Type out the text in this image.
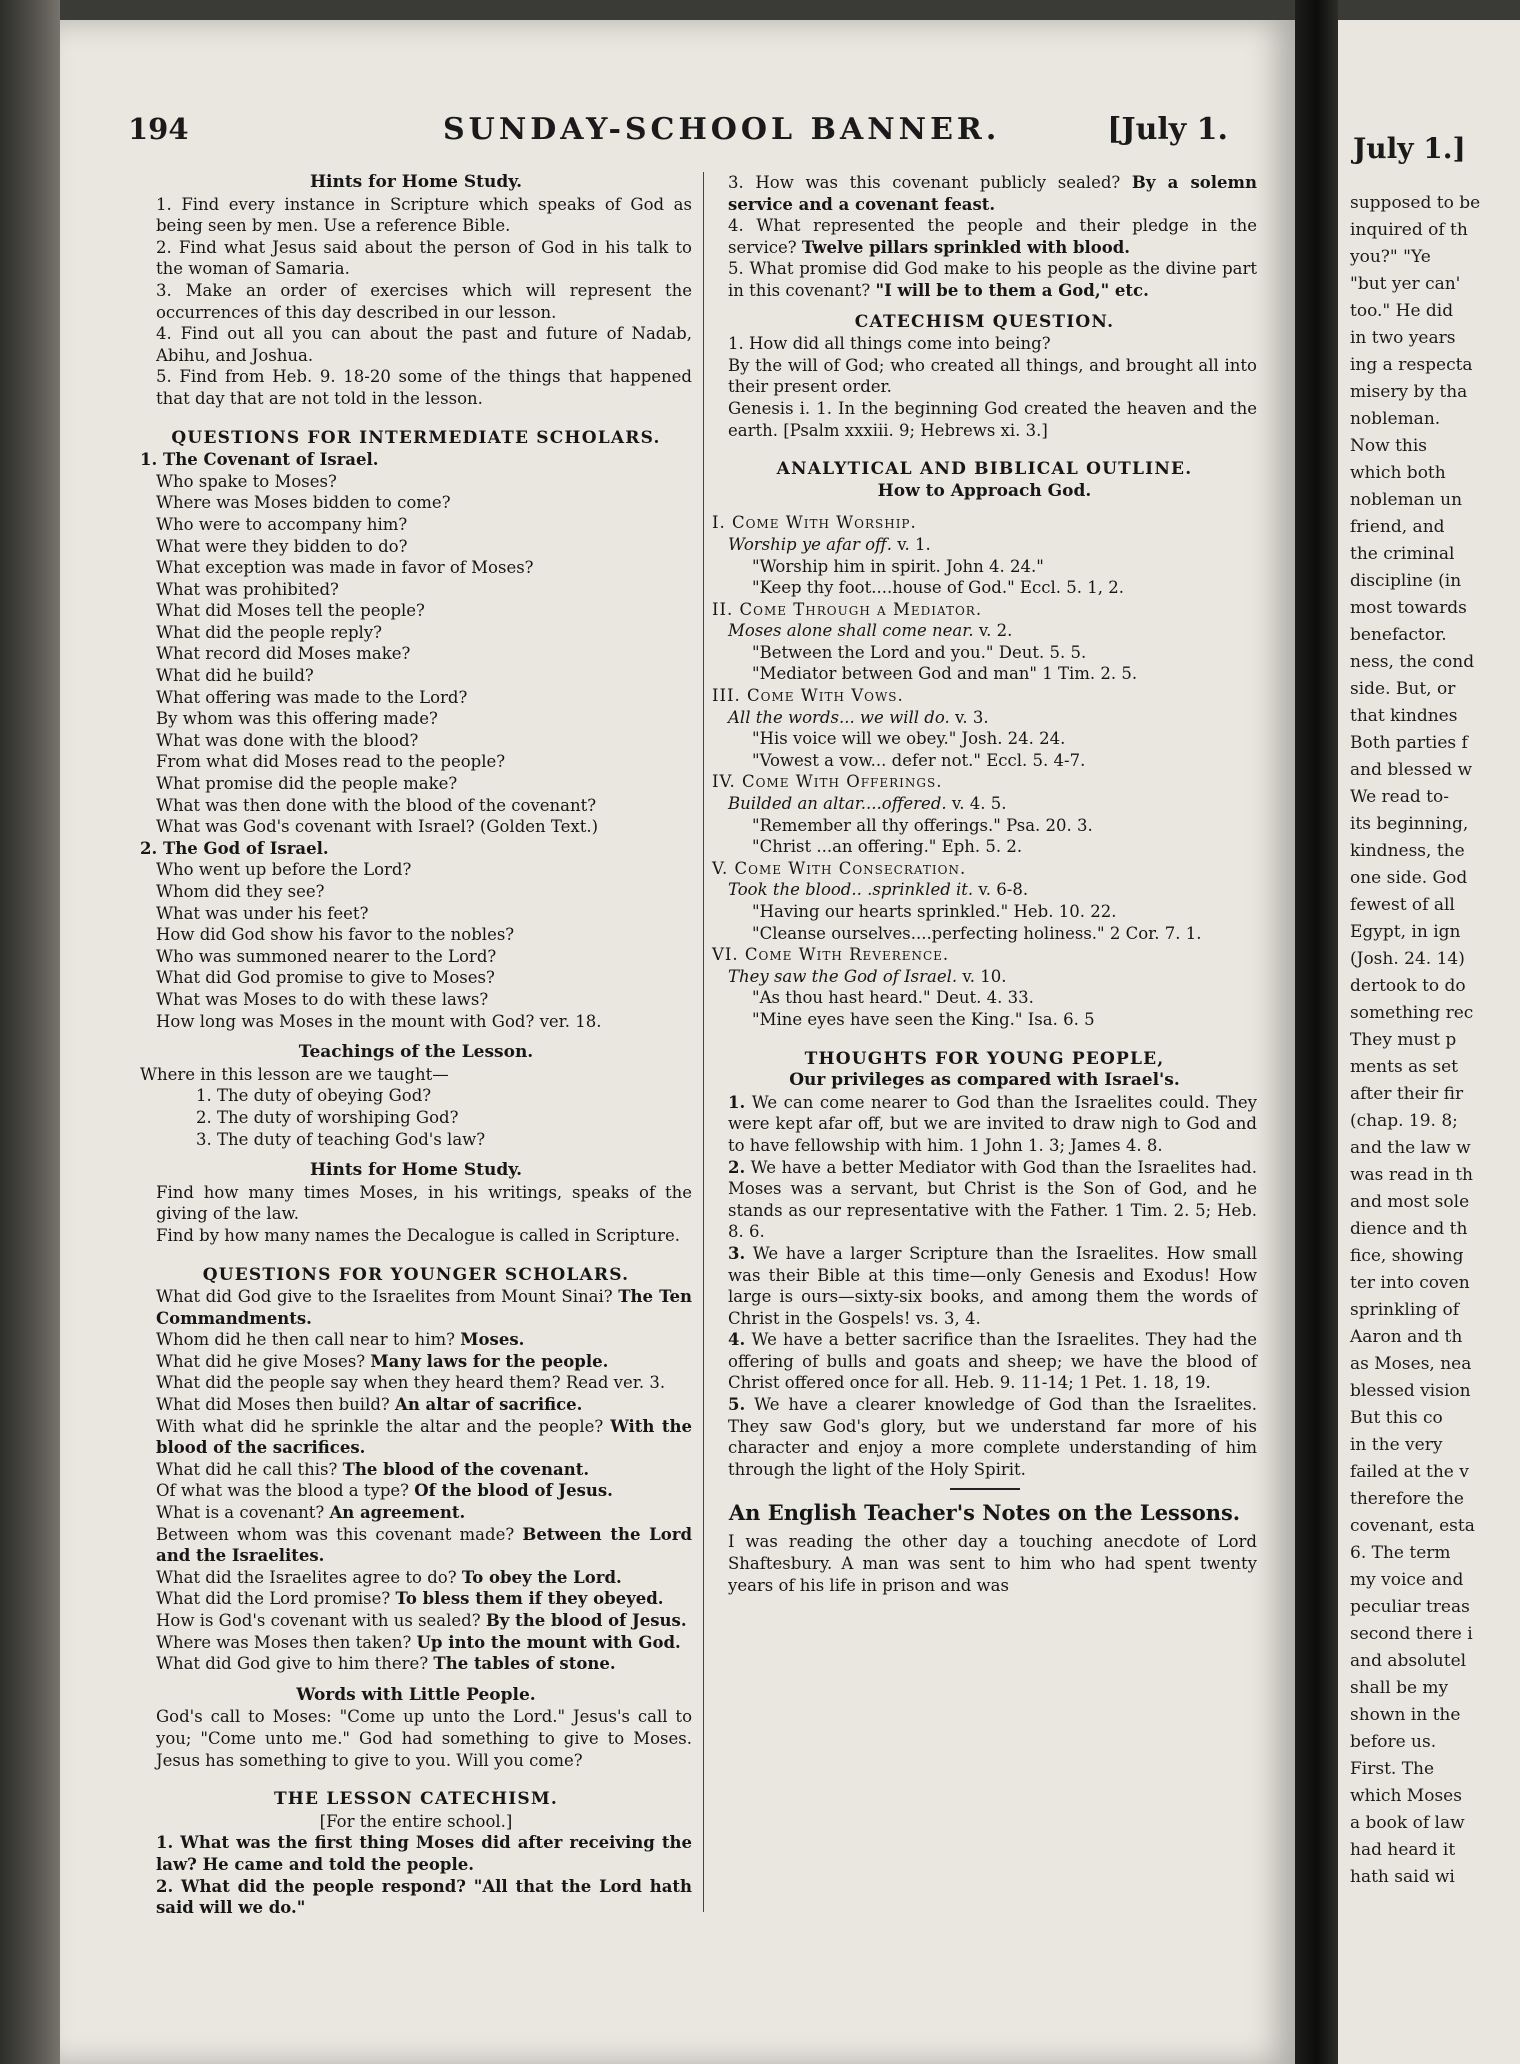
July 1.]
supposed to be
inquired of th
you?" "Ye
"but yer can'
too." He did
in two years
ing a respecta
misery by tha
nobleman.
Now this
which both
nobleman un
friend, and
the criminal
discipline (in
most towards
benefactor.
ness, the cond
side. But, or
that kindnes
Both parties f
and blessed w
We read to-
its beginning,
kindness, the
one side. God
fewest of all
Egypt, in ign
(Josh. 24. 14)
dertook to do
something rec
They must p
ments as set
after their fir
(chap. 19. 8;
and the law w
was read in th
and most sole
dience and th
fice, showing
ter into coven
sprinkling of
Aaron and th
as Moses, nea
blessed vision
But this co
in the very
failed at the v
therefore the
covenant, esta
6. The term
my voice and
peculiar treas
second there i
and absolutel
shall be my
shown in the
before us.
First. The
which Moses
a book of law
had heard it
hath said wi
194	SUNDAY-SCHOOL BANNER.	[July 1.

Hints for Home Study.

1. Find every instance in Scripture which speaks of God as being seen by men. Use a reference Bible.

2. Find what Jesus said about the person of God in his talk to the woman of Samaria.

3. Make an order of exercises which will represent the occurrences of this day described in our lesson.

4. Find out all you can about the past and future of Nadab, Abihu, and Joshua.

5. Find from Heb. 9. 18-20 some of the things that happened that day that are not told in the lesson.

QUESTIONS FOR INTERMEDIATE SCHOLARS.

1. The Covenant of Israel.

Who spake to Moses?

Where was Moses bidden to come?

Who were to accompany him?

What were they bidden to do?

What exception was made in favor of Moses?

What was prohibited?

What did Moses tell the people?

What did the people reply?

What record did Moses make?

What did he build?

What offering was made to the Lord?

By whom was this offering made?

What was done with the blood?

From what did Moses read to the people?

What promise did the people make?

What was then done with the blood of the covenant?

What was God's covenant with Israel? (Golden Text.)

2. The God of Israel.

Who went up before the Lord?

Whom did they see?

What was under his feet?

How did God show his favor to the nobles?

Who was summoned nearer to the Lord?

What did God promise to give to Moses?

What was Moses to do with these laws?

How long was Moses in the mount with God? ver. 18.

Teachings of the Lesson.

Where in this lesson are we taught—

1. The duty of obeying God?

2. The duty of worshiping God?

3. The duty of teaching God's law?

Hints for Home Study.

Find how many times Moses, in his writings, speaks of the giving of the law.

Find by how many names the Decalogue is called in Scripture.

QUESTIONS FOR YOUNGER SCHOLARS.

What did God give to the Israelites from Mount Sinai? The Ten Commandments.

Whom did he then call near to him? Moses.

What did he give Moses? Many laws for the people.

What did the people say when they heard them? Read ver. 3.

What did Moses then build? An altar of sacrifice.

With what did he sprinkle the altar and the people? With the blood of the sacrifices.

What did he call this? The blood of the covenant.

Of what was the blood a type? Of the blood of Jesus.

What is a covenant? An agreement.

Between whom was this covenant made? Between the Lord and the Israelites.

What did the Israelites agree to do? To obey the Lord.

What did the Lord promise? To bless them if they obeyed.

How is God's covenant with us sealed? By the blood of Jesus.

Where was Moses then taken? Up into the mount with God.

What did God give to him there? The tables of stone.

Words with Little People.

God's call to Moses: "Come up unto the Lord." Jesus's call to you; "Come unto me." God had something to give to Moses. Jesus has something to give to you. Will you come?

THE LESSON CATECHISM.

[For the entire school.]

1. What was the first thing Moses did after receiving the law? He came and told the people.

2. What did the people respond? "All that the Lord hath said will we do."

3. How was this covenant publicly sealed? By a solemn service and a covenant feast.

4. What represented the people and their pledge in the service? Twelve pillars sprinkled with blood.

5. What promise did God make to his people as the divine part in this covenant? "I will be to them a God," etc.

CATECHISM QUESTION.

1. How did all things come into being?

By the will of God; who created all things, and brought all into their present order.

Genesis i. 1. In the beginning God created the heaven and the earth. [Psalm xxxiii. 9; Hebrews xi. 3.]

ANALYTICAL AND BIBLICAL OUTLINE.

How to Approach God.

I. Come With Worship.

Worship ye afar off. v. 1.

"Worship him in spirit. John 4. 24."

"Keep thy foot....house of God." Eccl. 5. 1, 2.

II. Come Through a Mediator.

Moses alone shall come near. v. 2.

"Between the Lord and you." Deut. 5. 5.

"Mediator between God and man" 1 Tim. 2. 5.

III. Come With Vows.

All the words... we will do. v. 3.

"His voice will we obey." Josh. 24. 24.

"Vowest a vow... defer not." Eccl. 5. 4-7.

IV. Come With Offerings.

Builded an altar....offered. v. 4. 5.

"Remember all thy offerings." Psa. 20. 3.

"Christ ...an offering." Eph. 5. 2.

V. Come With Consecration.

Took the blood.. .sprinkled it. v. 6-8.

"Having our hearts sprinkled." Heb. 10. 22.

"Cleanse ourselves....perfecting holiness." 2 Cor. 7. 1.

VI. Come With Reverence.

They saw the God of Israel. v. 10.

"As thou hast heard." Deut. 4. 33.

"Mine eyes have seen the King." Isa. 6. 5

THOUGHTS FOR YOUNG PEOPLE,

Our privileges as compared with Israel's.

1. We can come nearer to God than the Israelites could. They were kept afar off, but we are invited to draw nigh to God and to have fellowship with him. 1 John 1. 3; James 4. 8.

2. We have a better Mediator with God than the Israelites had. Moses was a servant, but Christ is the Son of God, and he stands as our representative with the Father. 1 Tim. 2. 5; Heb. 8. 6.

3. We have a larger Scripture than the Israelites. How small was their Bible at this time—only Genesis and Exodus! How large is ours—sixty-six books, and among them the words of Christ in the Gospels! vs. 3, 4.

4. We have a better sacrifice than the Israelites. They had the offering of bulls and goats and sheep; we have the blood of Christ offered once for all. Heb. 9. 11-14; 1 Pet. 1. 18, 19.

5. We have a clearer knowledge of God than the Israelites. They saw God's glory, but we understand far more of his character and enjoy a more complete understanding of him through the light of the Holy Spirit.

An English Teacher's Notes on the Lessons.

I was reading the other day a touching anecdote of Lord Shaftesbury. A man was sent to him who had spent twenty years of his life in prison and was
